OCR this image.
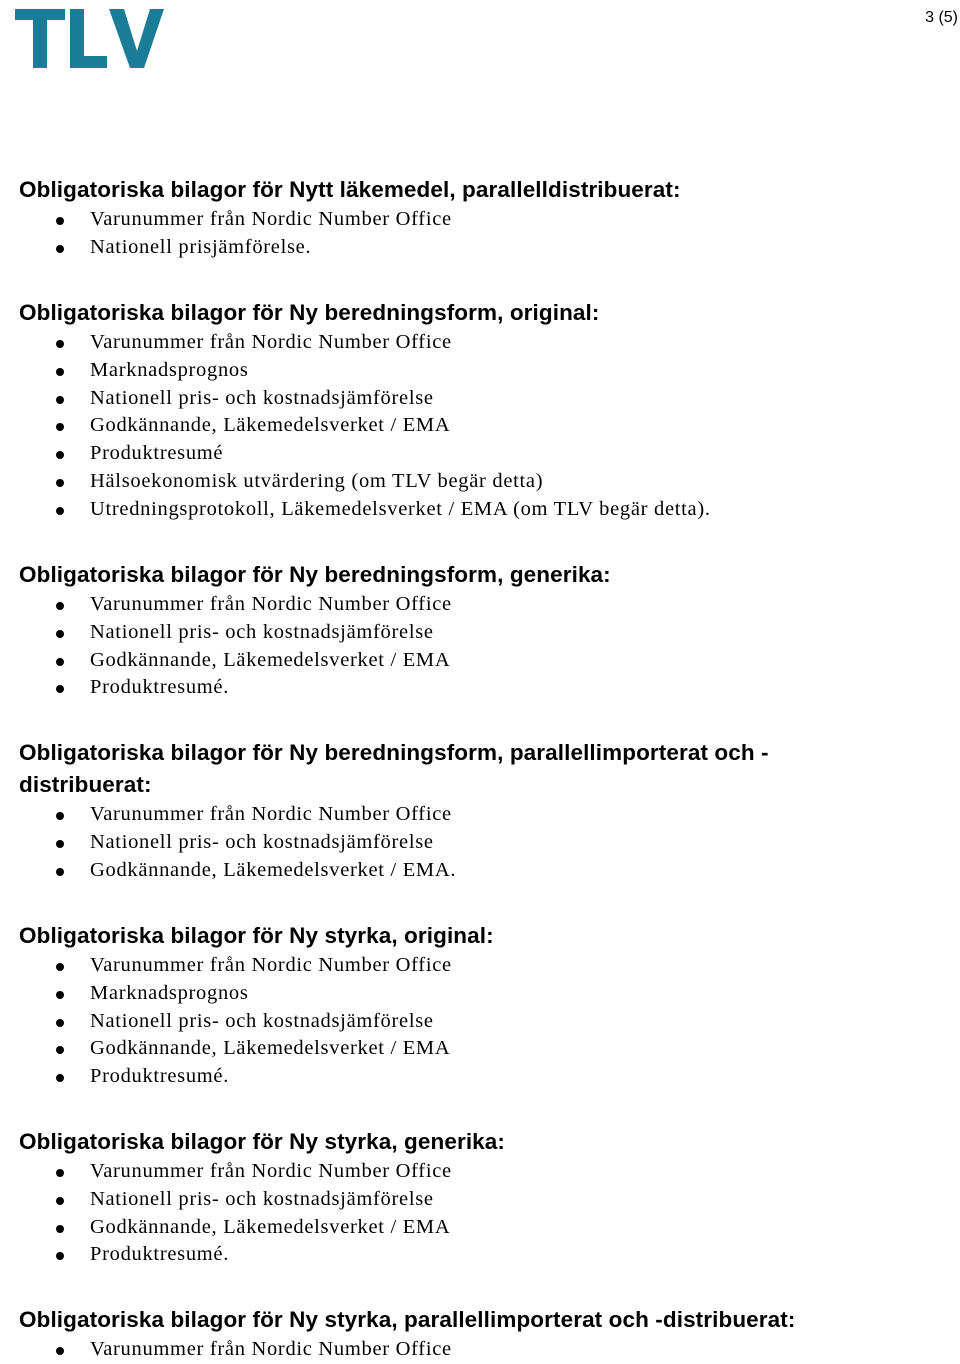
3 (5)
Obligatoriska bilagor för Nytt läkemedel, parallelldistribuerat:
Varunummer från Nordic Number Office
Nationell prisjämförelse.
Obligatoriska bilagor för Ny beredningsform, original:
Varunummer från Nordic Number Office
Marknadsprognos
Nationell pris- och kostnadsjämförelse
Godkännande, Läkemedelsverket / EMA
Produktresumé
Hälsoekonomisk utvärdering (om TLV begär detta)
Utredningsprotokoll, Läkemedelsverket / EMA (om TLV begär detta).
Obligatoriska bilagor för Ny beredningsform, generika:
Varunummer från Nordic Number Office
Nationell pris- och kostnadsjämförelse
Godkännande, Läkemedelsverket / EMA
Produktresumé.
Obligatoriska bilagor för Ny beredningsform, parallellimporterat och -
distribuerat:
Varunummer från Nordic Number Office
Nationell pris- och kostnadsjämförelse
Godkännande, Läkemedelsverket / EMA.
Obligatoriska bilagor för Ny styrka, original:
Varunummer från Nordic Number Office
Marknadsprognos
Nationell pris- och kostnadsjämförelse
Godkännande, Läkemedelsverket / EMA
Produktresumé.
Obligatoriska bilagor för Ny styrka, generika:
Varunummer från Nordic Number Office
Nationell pris- och kostnadsjämförelse
Godkännande, Läkemedelsverket / EMA
Produktresumé.
Obligatoriska bilagor för Ny styrka, parallellimporterat och -distribuerat:
Varunummer från Nordic Number Office
